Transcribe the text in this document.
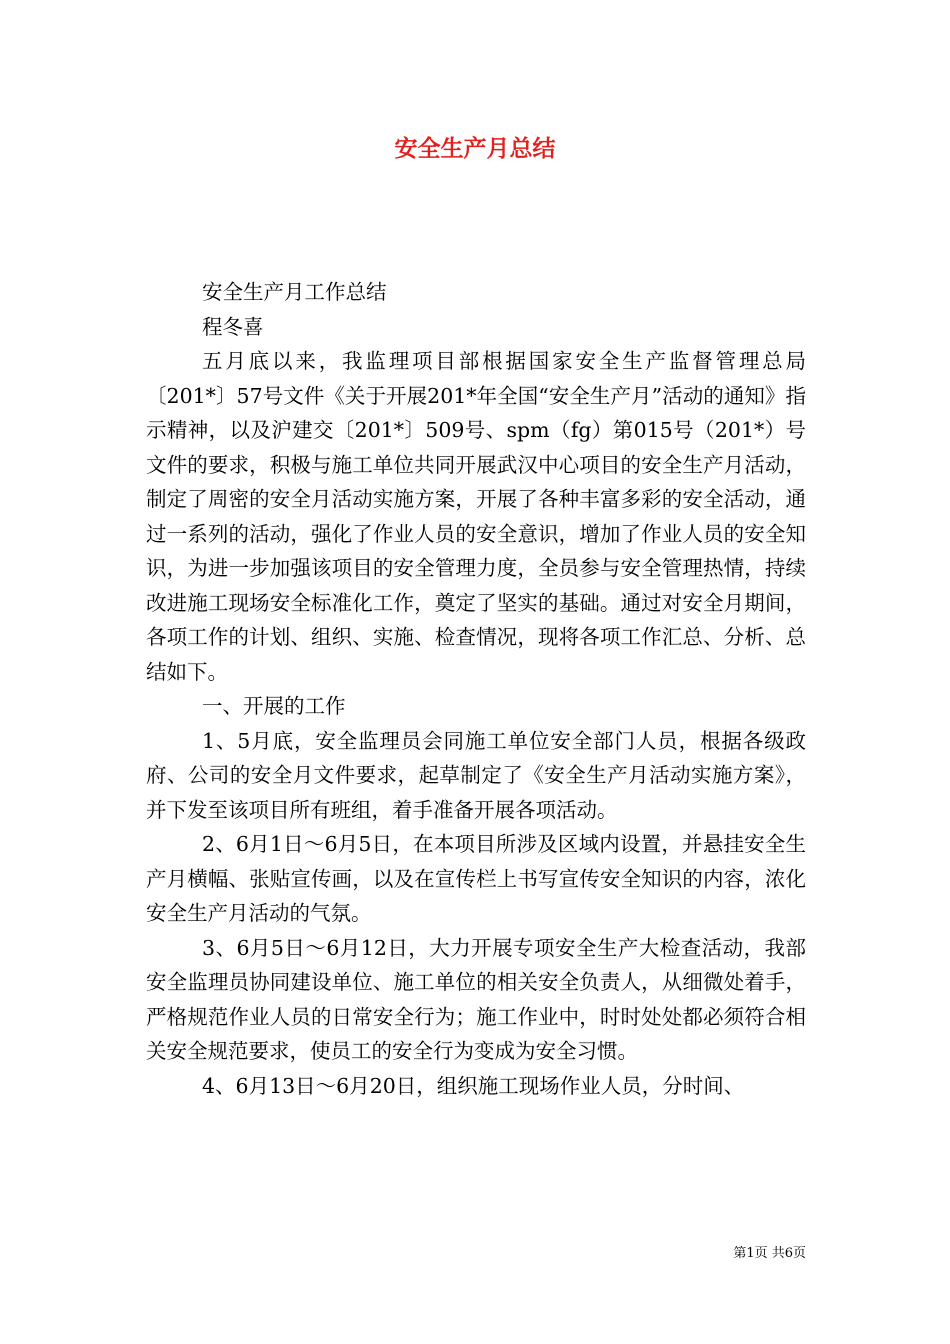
安全生产月总结

安全生产月工作总结

程冬喜

五月底以来，我监理项目部根据国家安全生产监督管理总局〔201*〕57号文件《关于开展201*年全国“安全生产月”活动的通知》指示精神，以及沪建交〔201*〕509号、spm（fg）第015号（201*）号文件的要求，积极与施工单位共同开展武汉中心项目的安全生产月活动，制定了周密的安全月活动实施方案，开展了各种丰富多彩的安全活动，通过一系列的活动，强化了作业人员的安全意识，增加了作业人员的安全知识，为进一步加强该项目的安全管理力度，全员参与安全管理热情，持续改进施工现场安全标准化工作，奠定了坚实的基础。通过对安全月期间，各项工作的计划、组织、实施、检查情况，现将各项工作汇总、分析、总结如下。

一、开展的工作

1、5月底，安全监理员会同施工单位安全部门人员，根据各级政府、公司的安全月文件要求，起草制定了《安全生产月活动实施方案》，并下发至该项目所有班组，着手准备开展各项活动。

2、6月1日～6月5日，在本项目所涉及区域内设置，并悬挂安全生产月横幅、张贴宣传画，以及在宣传栏上书写宣传安全知识的内容，浓化安全生产月活动的气氛。

3、6月5日～6月12日，大力开展专项安全生产大检查活动，我部安全监理员协同建设单位、施工单位的相关安全负责人，从细微处着手，严格规范作业人员的日常安全行为；施工作业中，时时处处都必须符合相关安全规范要求，使员工的安全行为变成为安全习惯。

4、6月13日～6月20日，组织施工现场作业人员，分时间、

第1页 共6页
